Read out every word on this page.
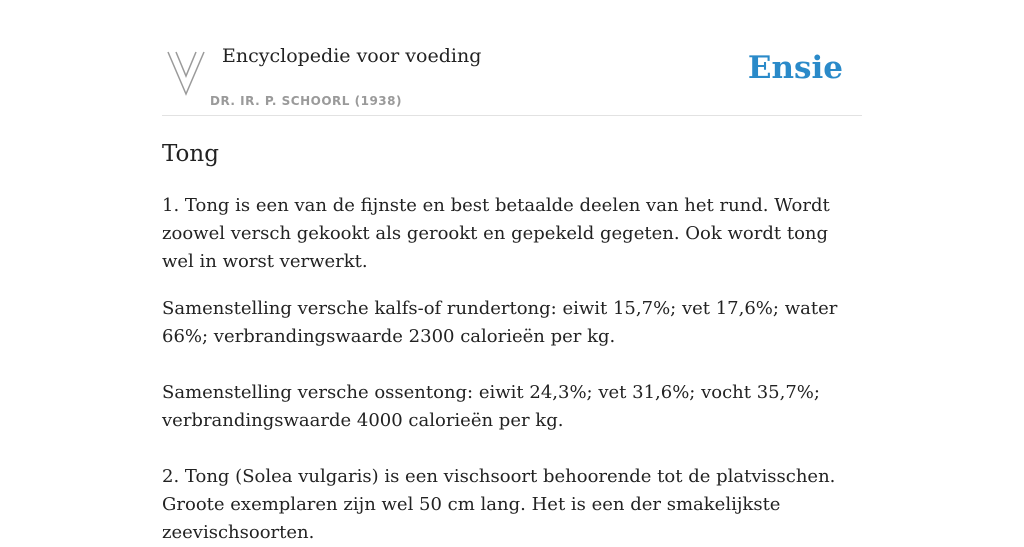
Encyclopedie voor voeding
DR. IR. P. SCHOORL (1938)
Ensie
Tong

1. Tong is een van de fijnste en best betaalde deelen van het rund. Wordt zoowel versch gekookt als gerookt en gepekeld gegeten. Ook wordt tong wel in worst verwerkt.

Samenstelling versche kalfs-of rundertong: eiwit 15,7%; vet 17,6%; water 66%; verbrandingswaarde 2300 calorieën per kg.

Samenstelling versche ossentong: eiwit 24,3%; vet 31,6%; vocht 35,7%; verbrandingswaarde 4000 calorieën per kg.

2. Tong (Solea vulgaris) is een vischsoort behoorende tot de platvisschen. Groote exemplaren zijn wel 50 cm lang. Het is een der smakelijkste zeevischsoorten.
